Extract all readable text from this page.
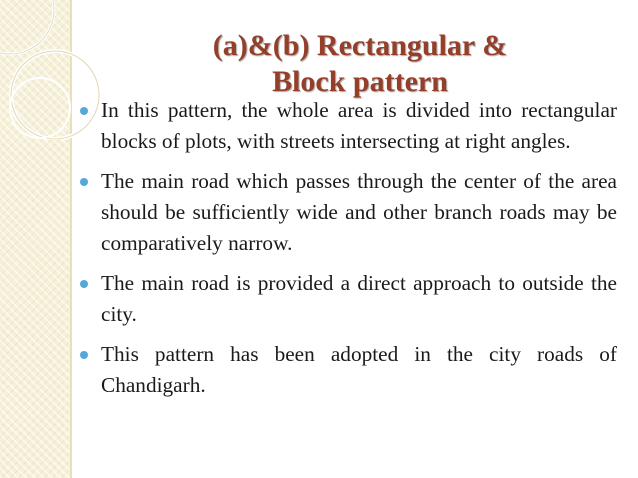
(a)&(b) Rectangular &
Block pattern
In this pattern, the whole area is divided into rectangular blocks of plots, with streets intersecting at right angles.
The main road which passes through the center of the area should be sufficiently wide and other branch roads may be comparatively narrow.
The main road is provided a direct approach to outside the city.
This pattern has been adopted in the city roads of Chandigarh.
